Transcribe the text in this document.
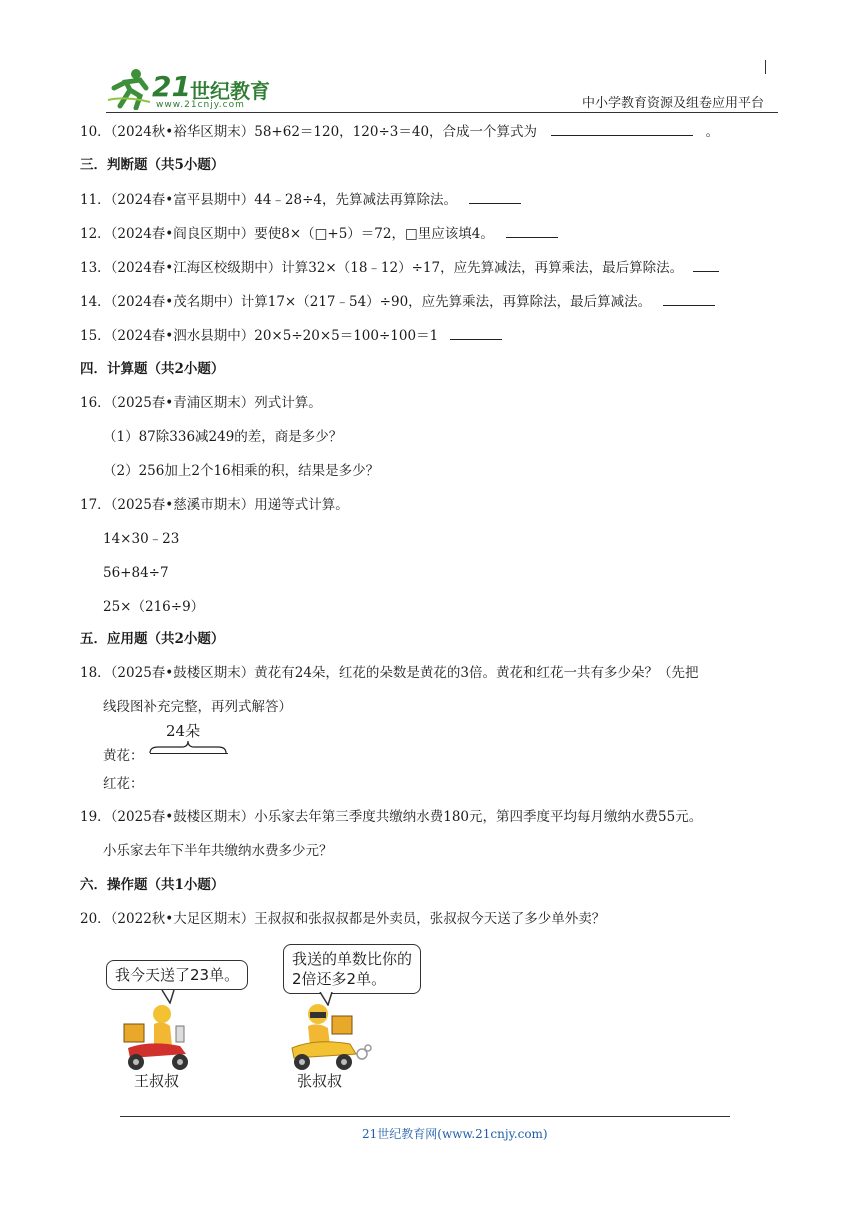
21 世纪教育
www.21cnjy.com	中小学教育资源及组卷应用平台
10．（2024秋•裕华区期末）58+62＝120，120÷3＝40，合成一个算式为	。
三．判断题（共5小题）
11．（2024春•富平县期中）44﹣28÷4，先算减法再算除法。
12．（2024春•阎良区期中）要使8×（□+5）＝72，□里应该填4。
13．（2024春•江海区校级期中）计算32×（18﹣12）÷17，应先算减法，再算乘法，最后算除法。
14．（2024春•茂名期中）计算17×（217﹣54）÷90，应先算乘法，再算除法，最后算减法。
15．（2024春•泗水县期中）20×5÷20×5＝100÷100＝1
四．计算题（共2小题）
16．（2025春•青浦区期末）列式计算。
（1）87除336减249的差，商是多少？
（2）256加上2个16相乘的积，结果是多少？
17．（2025春•慈溪市期末）用递等式计算。
14×30﹣23
56+84÷7
25×（216÷9）
五．应用题（共2小题）
18．（2025春•鼓楼区期末）黄花有24朵，红花的朵数是黄花的3倍。黄花和红花一共有多少朵？（先把
线段图补充完整，再列式解答）
24朵
黄花：
红花：
19．（2025春•鼓楼区期末）小乐家去年第三季度共缴纳水费180元，第四季度平均每月缴纳水费55元。
小乐家去年下半年共缴纳水费多少元？
六．操作题（共1小题）
20．（2022秋•大足区期末）王叔叔和张叔叔都是外卖员，张叔叔今天送了多少单外卖？
我今天送了23单。
我送的单数比你的
2倍还多2单。
王叔叔	张叔叔
21世纪教育网(www.21cnjy.com)
